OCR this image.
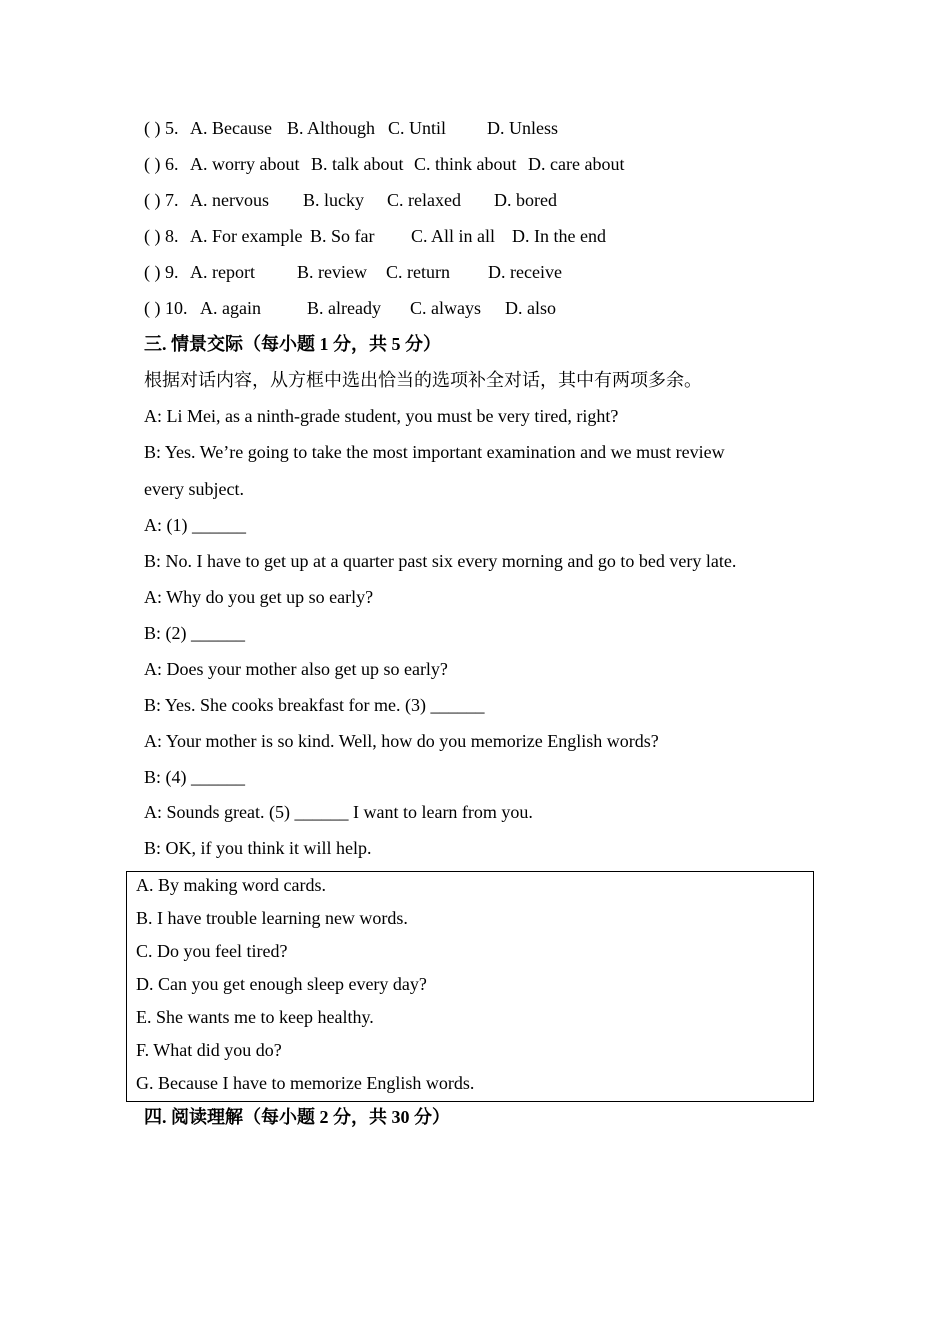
( ) 5. A. Because B. Although C. Until D. Unless
( ) 6. A. worry about B. talk about C. think about D. care about
( ) 7. A. nervous B. lucky C. relaxed D. bored
( ) 8. A. For example B. So far C. All in all D. In the end
( ) 9. A. report B. review C. return D. receive
( ) 10. A. again	B. already C. always D. also
三. 情景交际（每小题 1 分，共 5 分）
根据对话内容，从方框中选出恰当的选项补全对话，其中有两项多余。
A: Li Mei, as a ninth-grade student, you must be very tired, right?
B: Yes. We’re going to take the most important examination and we must review
every subject.
A: (1) ______
B: No. I have to get up at a quarter past six every morning and go to bed very late.
A: Why do you get up so early?
B: (2) ______
A: Does your mother also get up so early?
B: Yes. She cooks breakfast for me. (3) ______
A: Your mother is so kind. Well, how do you memorize English words?
B: (4) ______
A: Sounds great. (5) ______ I want to learn from you.
B: OK, if you think it will help.
A. By making word cards.
B. I have trouble learning new words.
C. Do you feel tired?
D. Can you get enough sleep every day?
E. She wants me to keep healthy.
F. What did you do?
G. Because I have to memorize English words.
四. 阅读理解（每小题 2 分，共 30 分）
